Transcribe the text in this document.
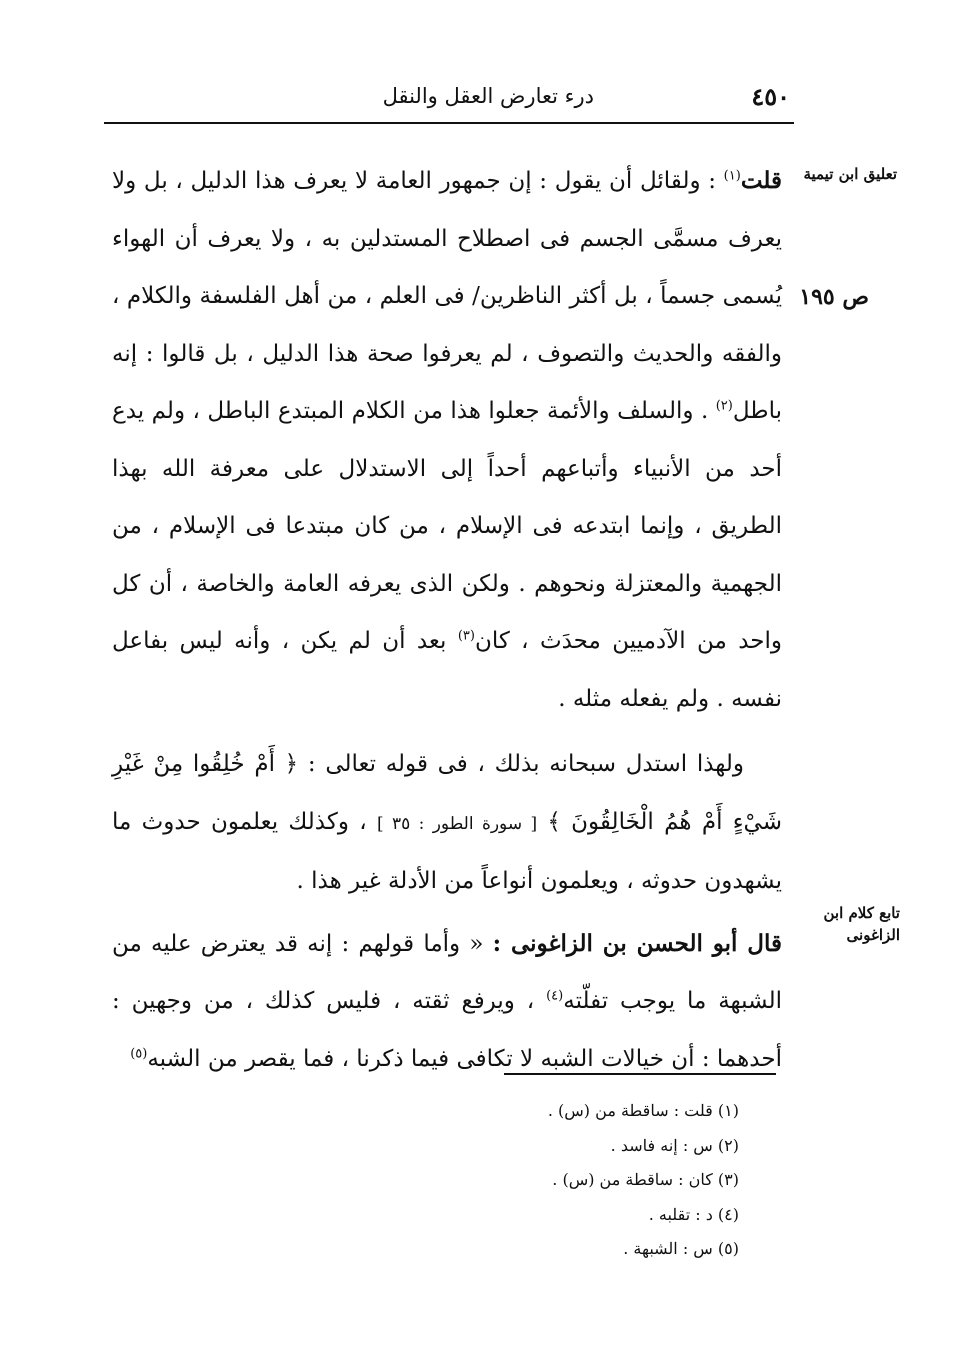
٤٥٠
درء تعارض العقل والنقل
تعليق ابن تيمية
ص ١٩٥
تابع كلام ابن الزاغونى

قلت$^{(١)}$ : ولقائل أن يقول : إن جمهور العامة لا يعرف هذا الدليل ، بل ولا يعرف مسمَّى الجسم فى اصطلاح المستدلين به ، ولا يعرف أن الهواء يُسمى جسماً ، بل أكثر الناظرين/ فى العلم ، من أهل الفلسفة والكلام ، والفقه والحديث والتصوف ، لم يعرفوا صحة هذا الدليل ، بل قالوا : إنه باطل$^{(٢)}$ . والسلف والأئمة جعلوا هذا من الكلام المبتدع الباطل ، ولم يدع أحد من الأنبياء وأتباعهم أحداً إلى الاستدلال على معرفة الله بهذا الطريق ، وإنما ابتدعه فى الإسلام ، من كان مبتدعا فى الإسلام ، من الجهمية والمعتزلة ونحوهم . ولكن الذى يعرفه العامة والخاصة ، أن كل واحد من الآدميين محدَث ، كان$^{(٣)}$ بعد أن لم يكن ، وأنه ليس بفاعل نفسه . ولم يفعله مثله .

ولهذا استدل سبحانه بذلك ، فى قوله تعالى : ﴿ أَمْ خُلِقُوا مِنْ غَيْرِ شَيْءٍ أَمْ هُمُ الْخَالِقُونَ ﴾ [ سورة الطور : ٣٥ ] ، وكذلك يعلمون حدوث ما يشهدون حدوثه ، ويعلمون أنواعاً من الأدلة غير هذا .

قال أبو الحسن بن الزاغونى : « وأما قولهم : إنه قد يعترض عليه من الشبهة ما يوجب تفلّته$^{(٤)}$ ، ويرفع ثقته ، فليس كذلك ، من وجهين : أحدهما : أن خيالات الشبه لا تكافى فيما ذكرنا ، فما يقصر من الشبه$^{(٥)}$

(١) قلت : ساقطة من (س) .
(٢) س : إنه فاسد .
(٣) كان : ساقطة من (س) .
(٤) د : تقلبه .
(٥) س : الشبهة .
